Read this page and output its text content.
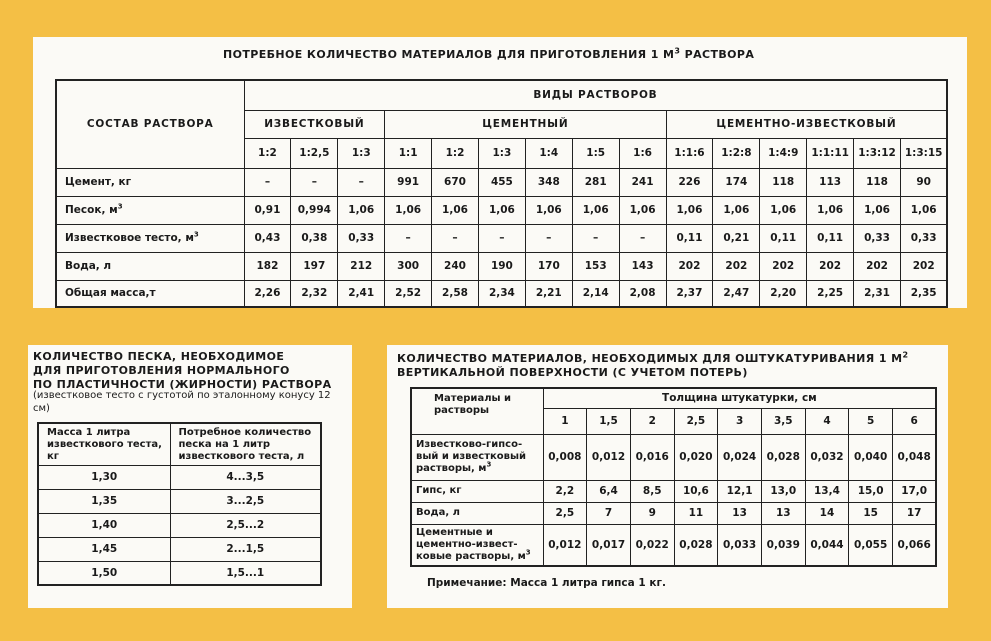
ПОТРЕБНОЕ КОЛИЧЕСТВО МАТЕРИАЛОВ ДЛЯ ПРИГОТОВЛЕНИЯ 1 $М^3$ РАСТВОРА
СОСТАВ РАСТВОРА	ВИДЫ РАСТВОРОВ														
	ИЗВЕСТКОВЫЙ			ЦЕМЕНТНЫЙ						ЦЕМЕНТНО-ИЗВЕСТКОВЫЙ					
	1:2	1:2,5	1:3	1:1	1:2	1:3	1:4	1:5	1:6	1:1:6	1:2:8	1:4:9	1:1:11	1:3:12	1:3:15
Цемент, кг	–	–	–	991	670	455	348	281	241	226	174	118	113	118	90
Песок, $м^3$	0,91	0,994	1,06	1,06	1,06	1,06	1,06	1,06	1,06	1,06	1,06	1,06	1,06	1,06	1,06
Известковое тесто, $м^3$	0,43	0,38	0,33	–	–	–	–	–	–	0,11	0,21	0,11	0,11	0,33	0,33
Вода, л	182	197	212	300	240	190	170	153	143	202	202	202	202	202	202
Общая масса,т	2,26	2,32	2,41	2,52	2,58	2,34	2,21	2,14	2,08	2,37	2,47	2,20	2,25	2,31	2,35
КОЛИЧЕСТВО ПЕСКА, НЕОБХОДИМОЕ
ДЛЯ ПРИГОТОВЛЕНИЯ НОРМАЛЬНОГО
ПО ПЛАСТИЧНОСТИ (ЖИРНОСТИ) РАСТВОРА
(известковое тесто с густотой по эталонному конусу 12 см)
Масса 1 литра известкового теста, кг	Потребное количество песка на 1 литр известкового теста, л
1,30	4...3,5
1,35	3...2,5
1,40	2,5...2
1,45	2...1,5
1,50	1,5...1
КОЛИЧЕСТВО МАТЕРИАЛОВ, НЕОБХОДИМЫХ ДЛЯ ОШТУКАТУРИВАНИЯ 1 $М^2$
ВЕРТИКАЛЬНОЙ ПОВЕРХНОСТИ (С УЧЕТОМ ПОТЕРЬ)
Материалы и растворы	Толщина штукатурки, см								
	1	1,5	2	2,5	3	3,5	4	5	6
Известково-гипсо-вый и известковый растворы, $м^3$	0,008	0,012	0,016	0,020	0,024	0,028	0,032	0,040	0,048
Гипс, кг	2,2	6,4	8,5	10,6	12,1	13,0	13,4	15,0	17,0
Вода, л	2,5	7	9	11	13	13	14	15	17
Цементные и цементно-извест-ковые растворы, $м^3$	0,012	0,017	0,022	0,028	0,033	0,039	0,044	0,055	0,066
Примечание: Масса 1 литра гипса 1 кг.
